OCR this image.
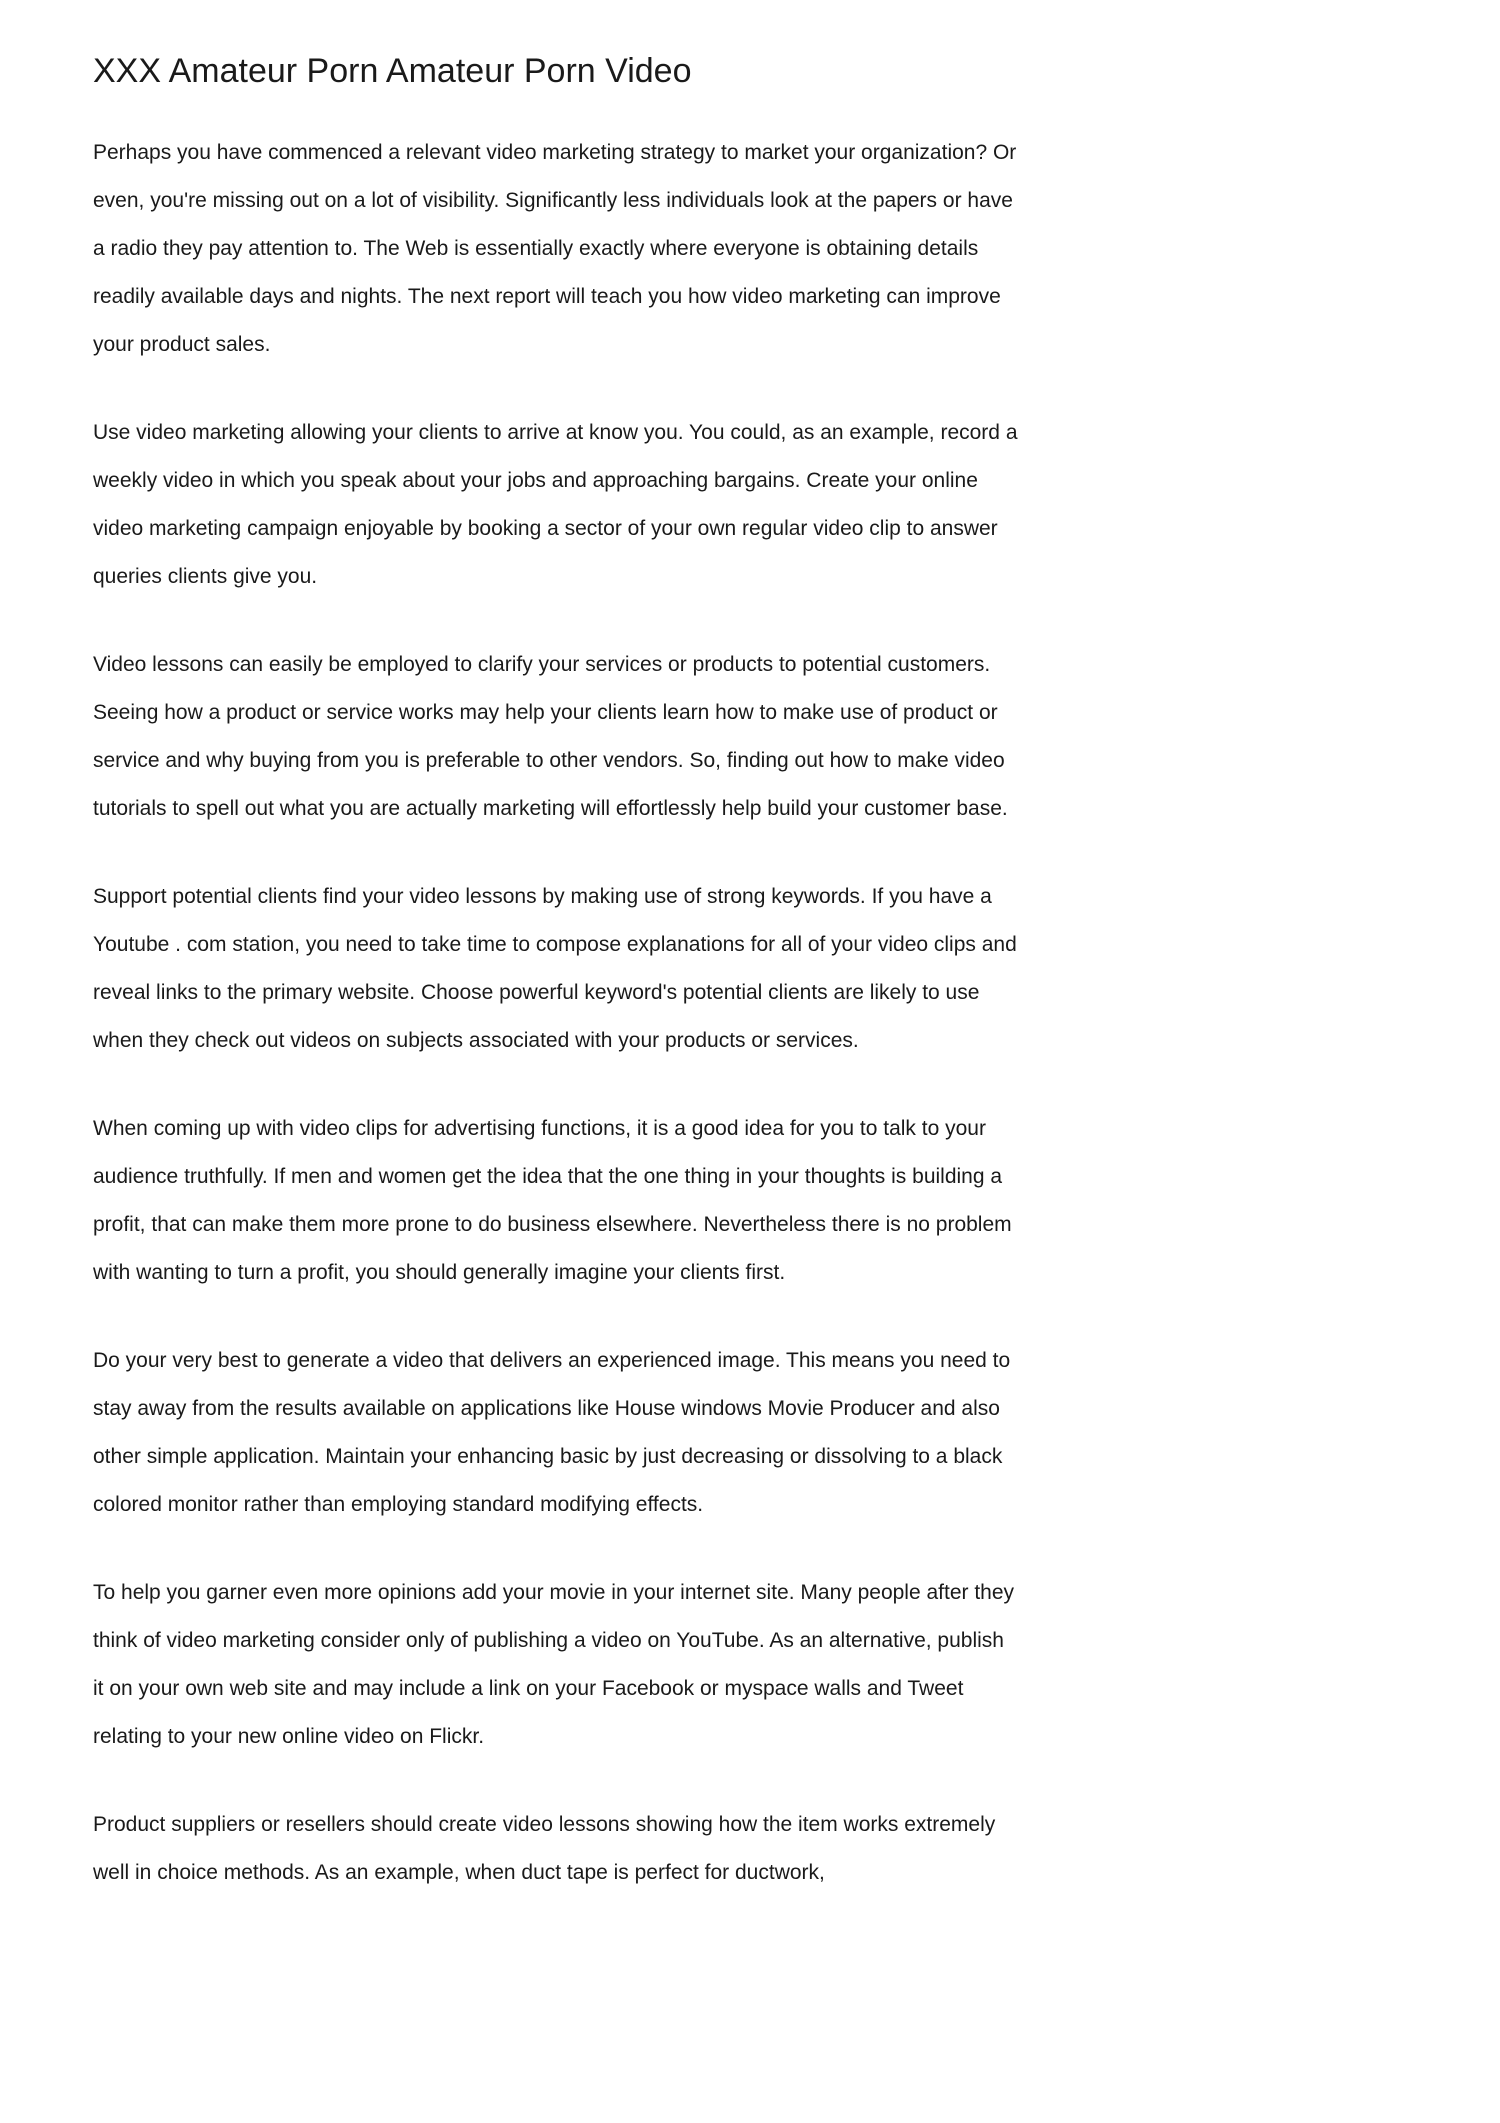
XXX Amateur Porn Amateur Porn Video

Perhaps you have commenced a relevant video marketing strategy to market your organization? Or even, you're missing out on a lot of visibility. Significantly less individuals look at the papers or have a radio they pay attention to. The Web is essentially exactly where everyone is obtaining details readily available days and nights. The next report will teach you how video marketing can improve your product sales.

Use video marketing allowing your clients to arrive at know you. You could, as an example, record a weekly video in which you speak about your jobs and approaching bargains. Create your online video marketing campaign enjoyable by booking a sector of your own regular video clip to answer queries clients give you.

Video lessons can easily be employed to clarify your services or products to potential customers. Seeing how a product or service works may help your clients learn how to make use of product or service and why buying from you is preferable to other vendors. So, finding out how to make video tutorials to spell out what you are actually marketing will effortlessly help build your customer base.

Support potential clients find your video lessons by making use of strong keywords. If you have a Youtube . com station, you need to take time to compose explanations for all of your video clips and reveal links to the primary website. Choose powerful keyword's potential clients are likely to use when they check out videos on subjects associated with your products or services.

When coming up with video clips for advertising functions, it is a good idea for you to talk to your audience truthfully. If men and women get the idea that the one thing in your thoughts is building a profit, that can make them more prone to do business elsewhere. Nevertheless there is no problem with wanting to turn a profit, you should generally imagine your clients first.

Do your very best to generate a video that delivers an experienced image. This means you need to stay away from the results available on applications like House windows Movie Producer and also other simple application. Maintain your enhancing basic by just decreasing or dissolving to a black colored monitor rather than employing standard modifying effects.

To help you garner even more opinions add your movie in your internet site. Many people after they think of video marketing consider only of publishing a video on YouTube. As an alternative, publish it on your own web site and may include a link on your Facebook or myspace walls and Tweet relating to your new online video on Flickr.

Product suppliers or resellers should create video lessons showing how the item works extremely well in choice methods. As an example, when duct tape is perfect for ductwork,
